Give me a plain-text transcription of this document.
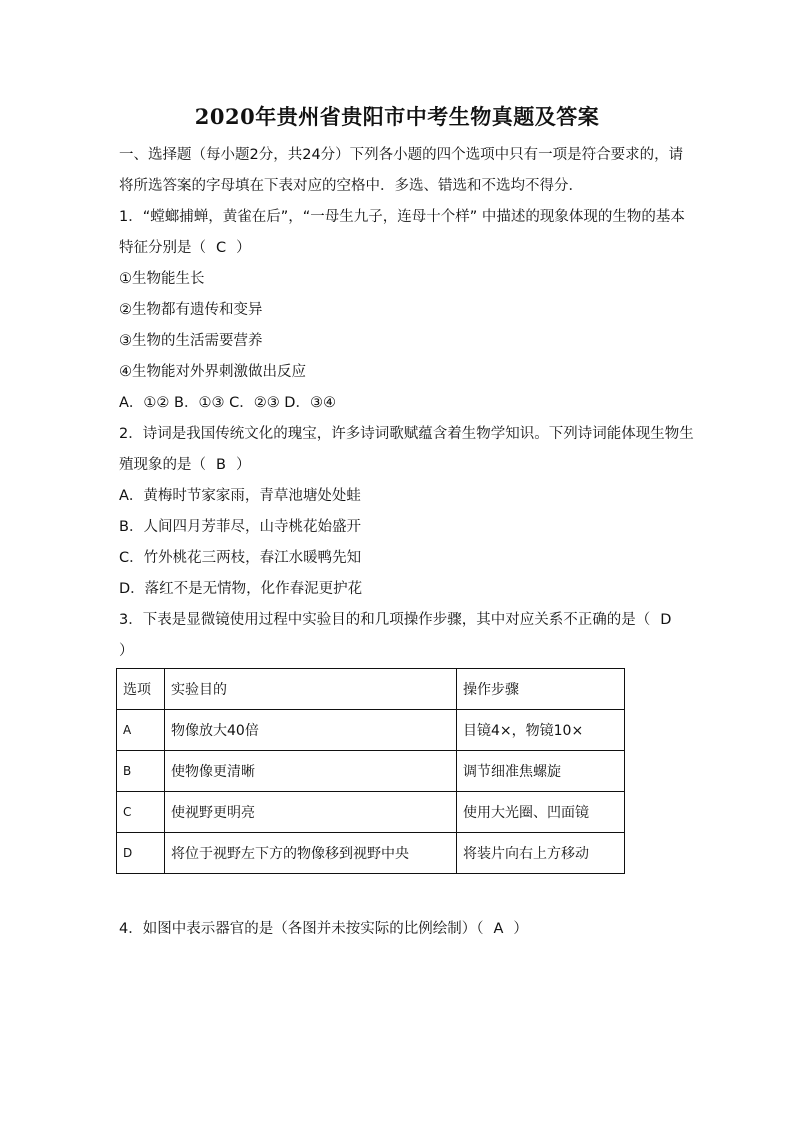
2020年贵州省贵阳市中考生物真题及答案
一、选择题（每小题2分，共24分）下列各小题的四个选项中只有一项是符合要求的，请
将所选答案的字母填在下表对应的空格中．多选、错选和不选均不得分．
1．“螳螂捕蝉，黄雀在后”，“一母生九子，连母十个样” 中描述的现象体现的生物的基本
特征分别是（ C ）
①生物能生长
②生物都有遗传和变异
③生物的生活需要营养
④生物能对外界刺激做出反应
A．①② B．①③ C．②③ D．③④
2．诗词是我国传统文化的瑰宝，许多诗词歌赋蕴含着生物学知识。下列诗词能体现生物生
殖现象的是（ B ）
A．黄梅时节家家雨，青草池塘处处蛙
B．人间四月芳菲尽，山寺桃花始盛开
C．竹外桃花三两枝，春江水暖鸭先知
D．落红不是无情物，化作春泥更护花
3．下表是显微镜使用过程中实验目的和几项操作步骤，其中对应关系不正确的是（ D
）
选项	实验目的	操作步骤
A	物像放大40倍	目镜4×，物镜10×
B	使物像更清晰	调节细准焦螺旋
C	使视野更明亮	使用大光圈、凹面镜
D	将位于视野左下方的物像移到视野中央	将装片向右上方移动
4．如图中表示器官的是（各图并未按实际的比例绘制）（ A ）
